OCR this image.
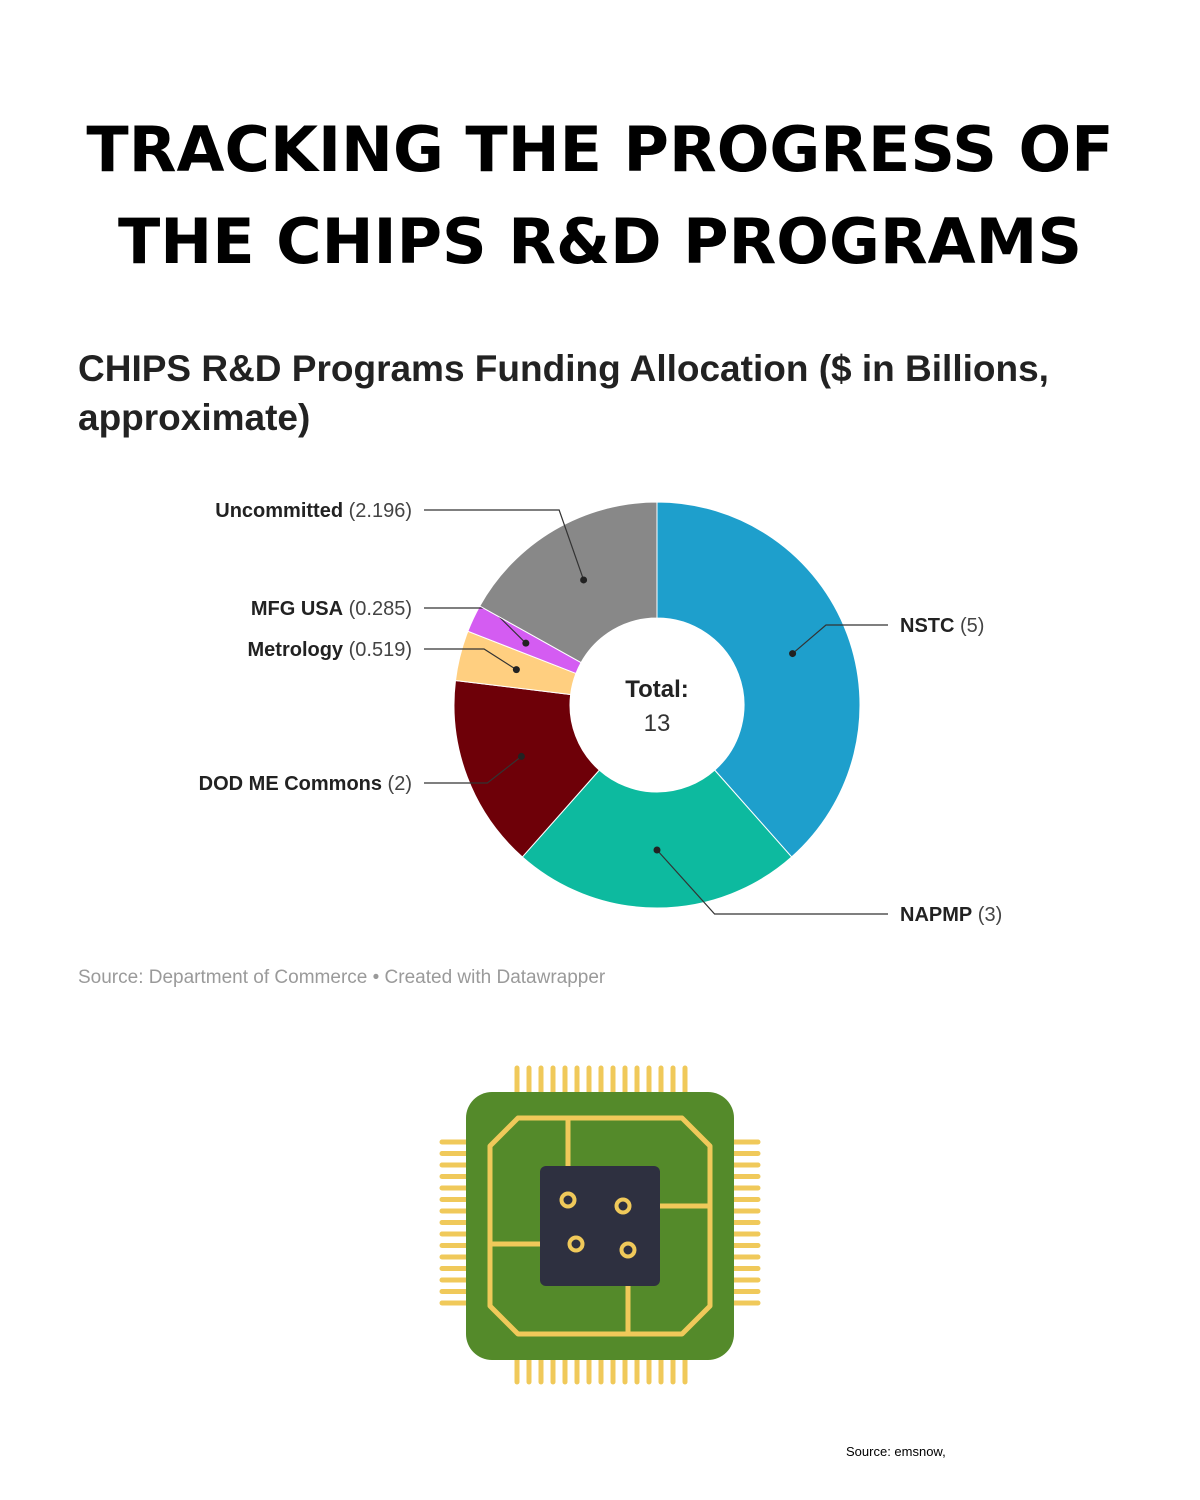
TRACKING THE PROGRESS OF
THE CHIPS R&D PROGRAMS
CHIPS R&D Programs Funding Allocation ($ in Billions, approximate)
NSTC (5)
NAPMP (3)
DOD ME Commons (2)
Metrology (0.519)
MFG USA (0.285)
Uncommitted (2.196)
Total:
13

Source: Department of Commerce • Created with Datawrapper

Source: emsnow,
